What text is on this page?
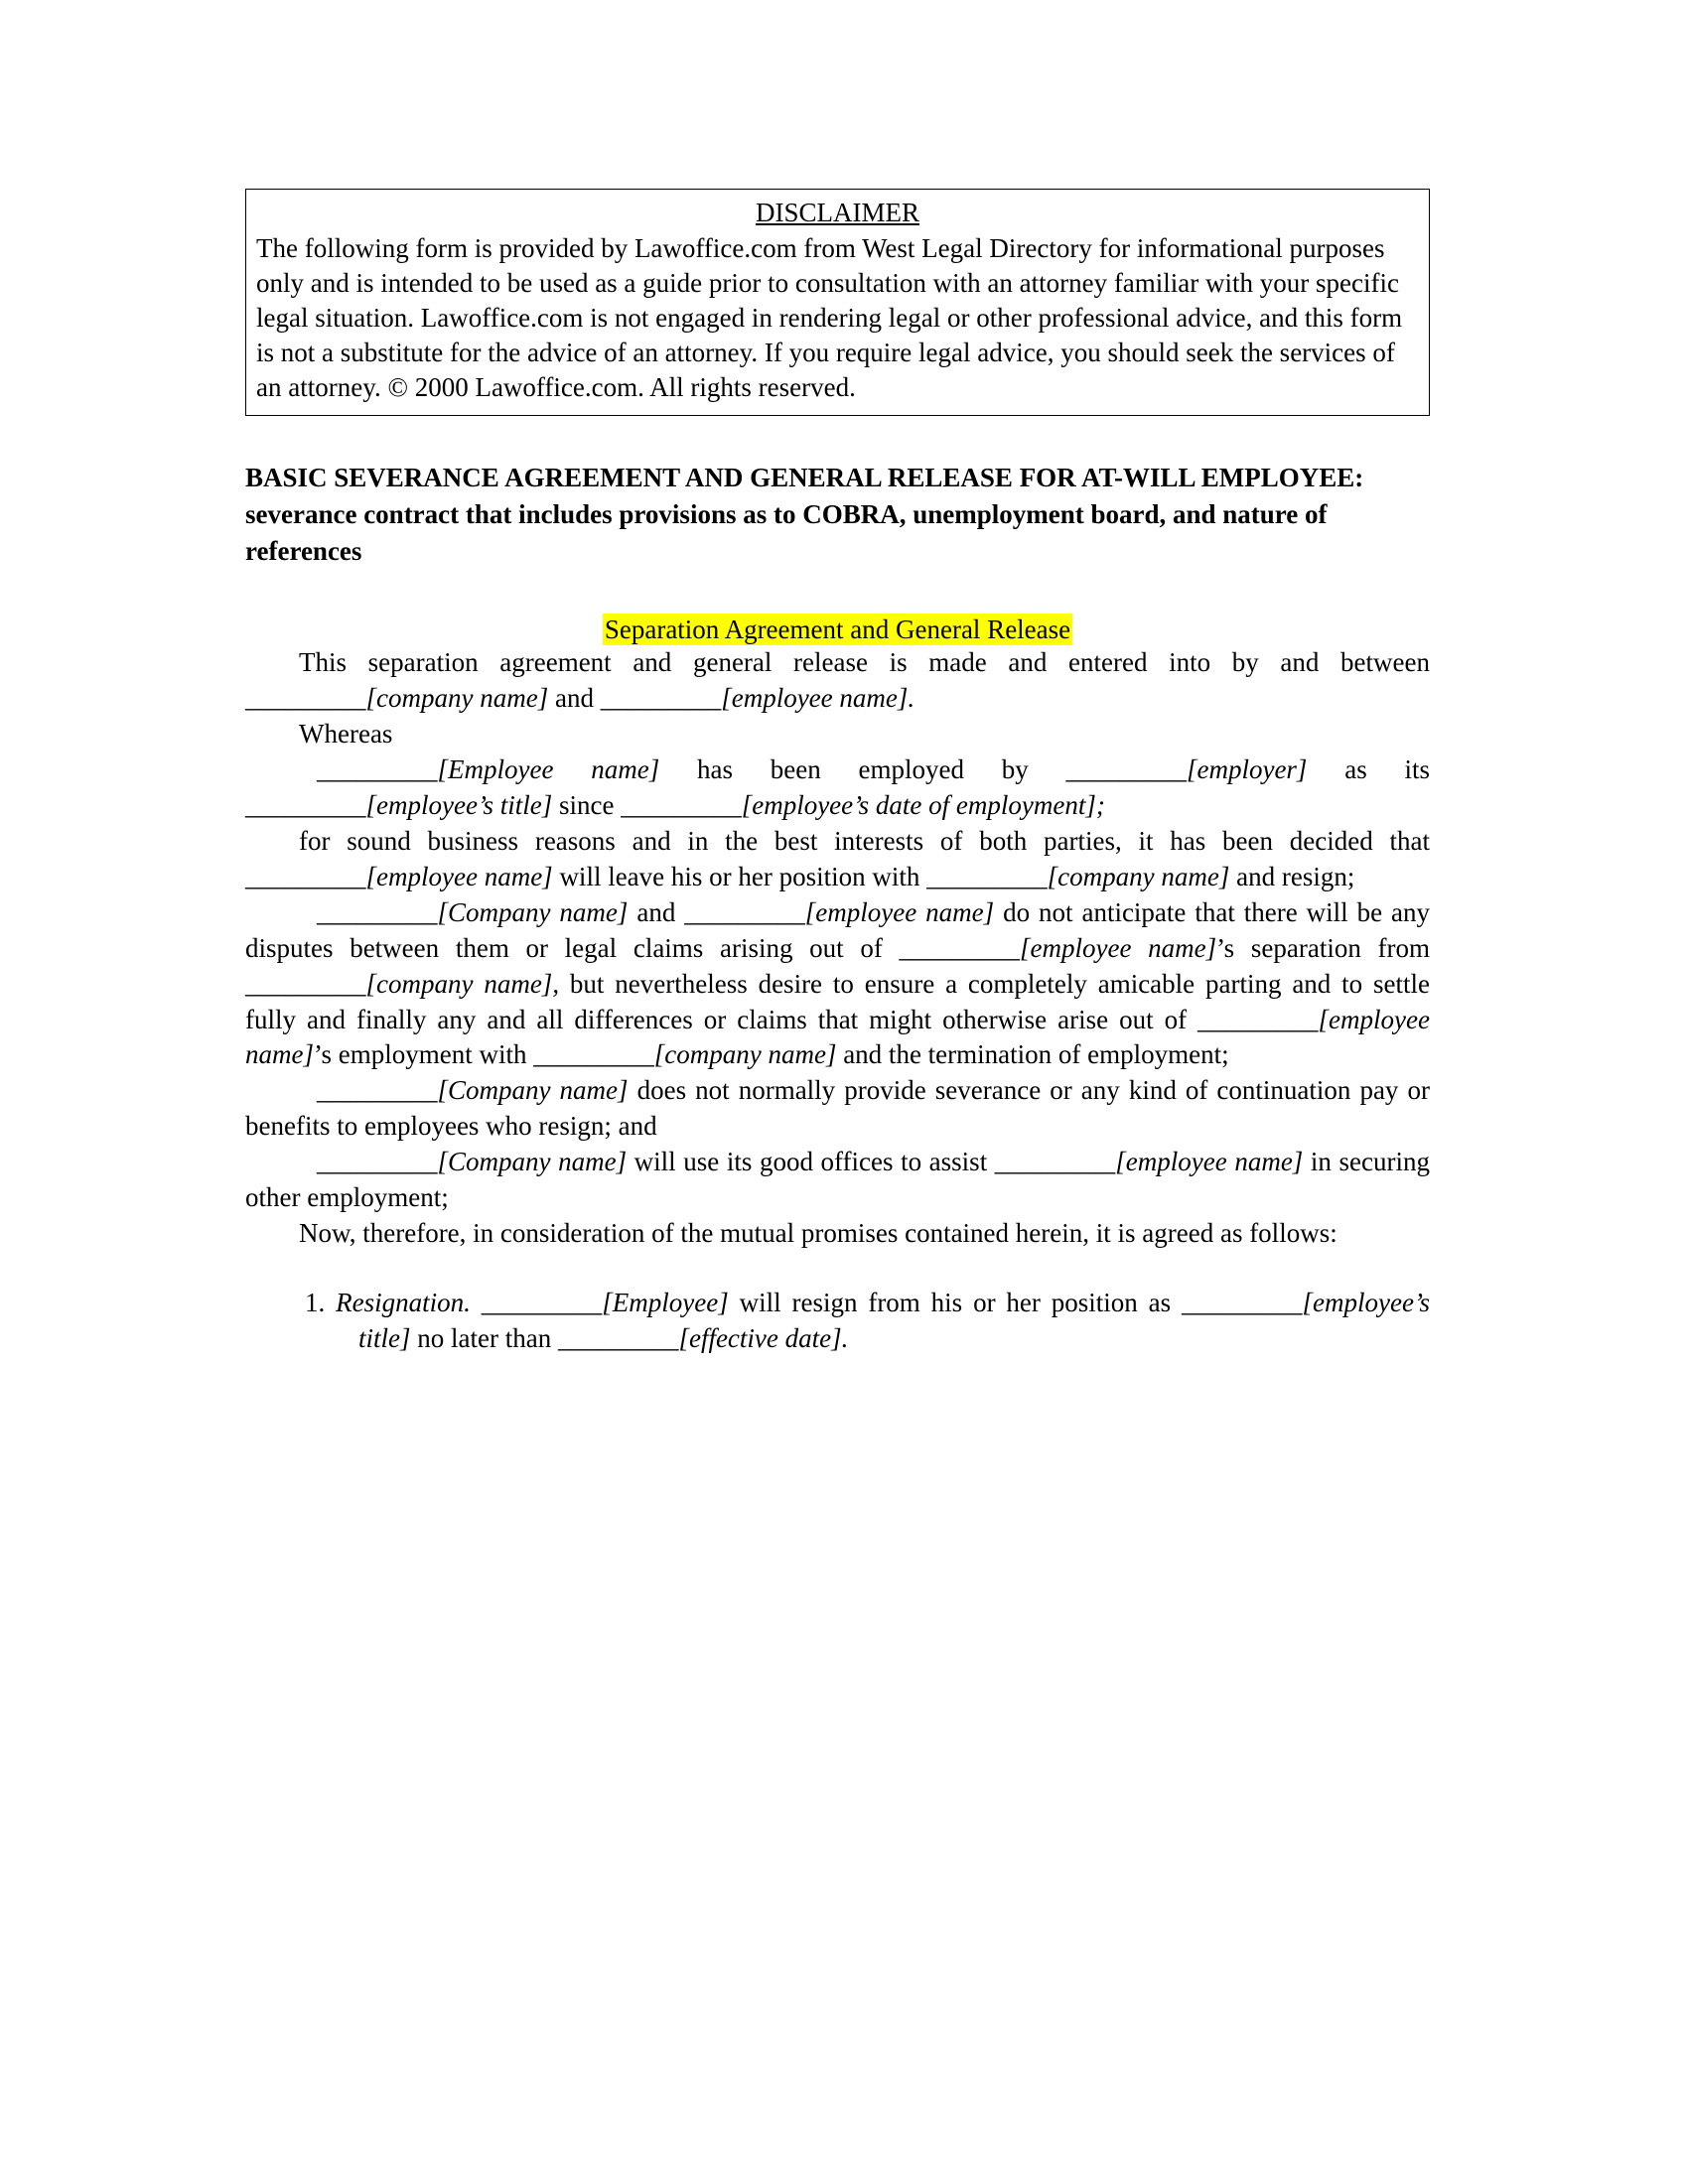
DISCLAIMER
The following form is provided by Lawoffice.com from West Legal Directory for informational purposes only and is intended to be used as a guide prior to consultation with an attorney familiar with your specific legal situation. Lawoffice.com is not engaged in rendering legal or other professional advice, and this form is not a substitute for the advice of an attorney. If you require legal advice, you should seek the services of an attorney. © 2000 Lawoffice.com. All rights reserved.
BASIC SEVERANCE AGREEMENT AND GENERAL RELEASE FOR AT-WILL EMPLOYEE: severance contract that includes provisions as to COBRA, unemployment board, and nature of references
Separation Agreement and General Release

This separation agreement and general release is made and entered into by and between _________[company name] and _________[employee name].

Whereas

_________[Employee name] has been employed by _________[employer] as its _________[employee’s title] since _________[employee’s date of employment];

for sound business reasons and in the best interests of both parties, it has been decided that _________[employee name] will leave his or her position with _________[company name] and resign;

_________[Company name] and _________[employee name] do not anticipate that there will be any disputes between them or legal claims arising out of _________[employee name]’s separation from _________[company name], but nevertheless desire to ensure a completely amicable parting and to settle fully and finally any and all differences or claims that might otherwise arise out of _________[employee name]’s employment with _________[company name] and the termination of employment;

_________[Company name] does not normally provide severance or any kind of continuation pay or benefits to employees who resign; and

_________[Company name] will use its good offices to assist _________[employee name] in securing other employment;

Now, therefore, in consideration of the mutual promises contained herein, it is agreed as follows:

1. Resignation. _________[Employee] will resign from his or her position as _________[employee’s title] no later than _________[effective date].
